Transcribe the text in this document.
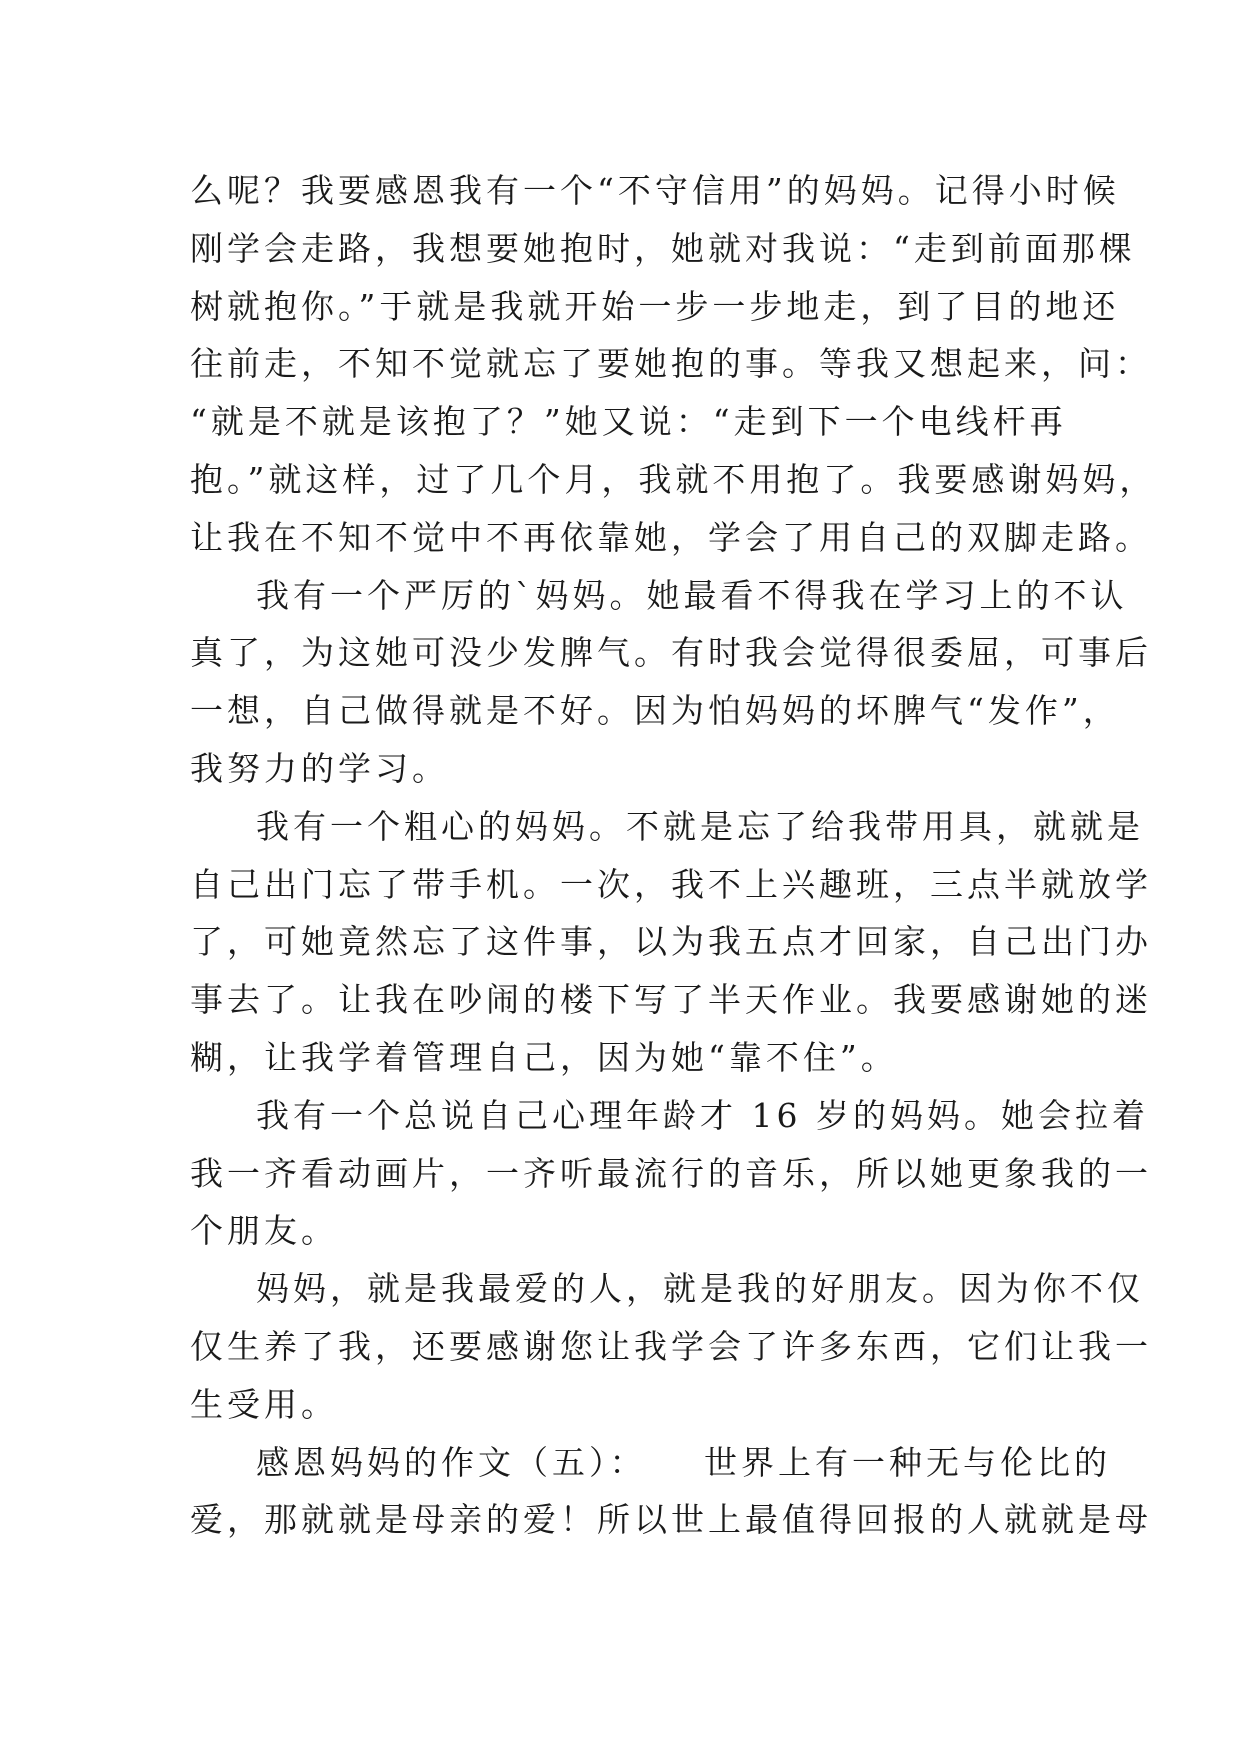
么呢？我要感恩我有一个“不守信用”的妈妈。记得小时候
刚学会走路，我想要她抱时，她就对我说：“走到前面那棵
树就抱你。”于就是我就开始一步一步地走，到了目的地还
往前走，不知不觉就忘了要她抱的事。等我又想起来，问：
“就是不就是该抱了？”她又说：“走到下一个电线杆再
抱。”就这样，过了几个月，我就不用抱了。我要感谢妈妈，
让我在不知不觉中不再依靠她，学会了用自己的双脚走路。
我有一个严厉的`妈妈。她最看不得我在学习上的不认
真了，为这她可没少发脾气。有时我会觉得很委屈，可事后
一想，自己做得就是不好。因为怕妈妈的坏脾气“发作”，
我努力的学习。
我有一个粗心的妈妈。不就是忘了给我带用具，就就是
自己出门忘了带手机。一次，我不上兴趣班，三点半就放学
了，可她竟然忘了这件事，以为我五点才回家，自己出门办
事去了。让我在吵闹的楼下写了半天作业。我要感谢她的迷
糊，让我学着管理自己，因为她“靠不住”。
我有一个总说自己心理年龄才 16 岁的妈妈。她会拉着
我一齐看动画片，一齐听最流行的音乐，所以她更象我的一
个朋友。
妈妈，就是我最爱的人，就是我的好朋友。因为你不仅
仅生养了我，还要感谢您让我学会了许多东西，它们让我一
生受用。
感恩妈妈的作文（五）：　　世界上有一种无与伦比的
爱，那就就是母亲的爱！所以世上最值得回报的人就就是母
